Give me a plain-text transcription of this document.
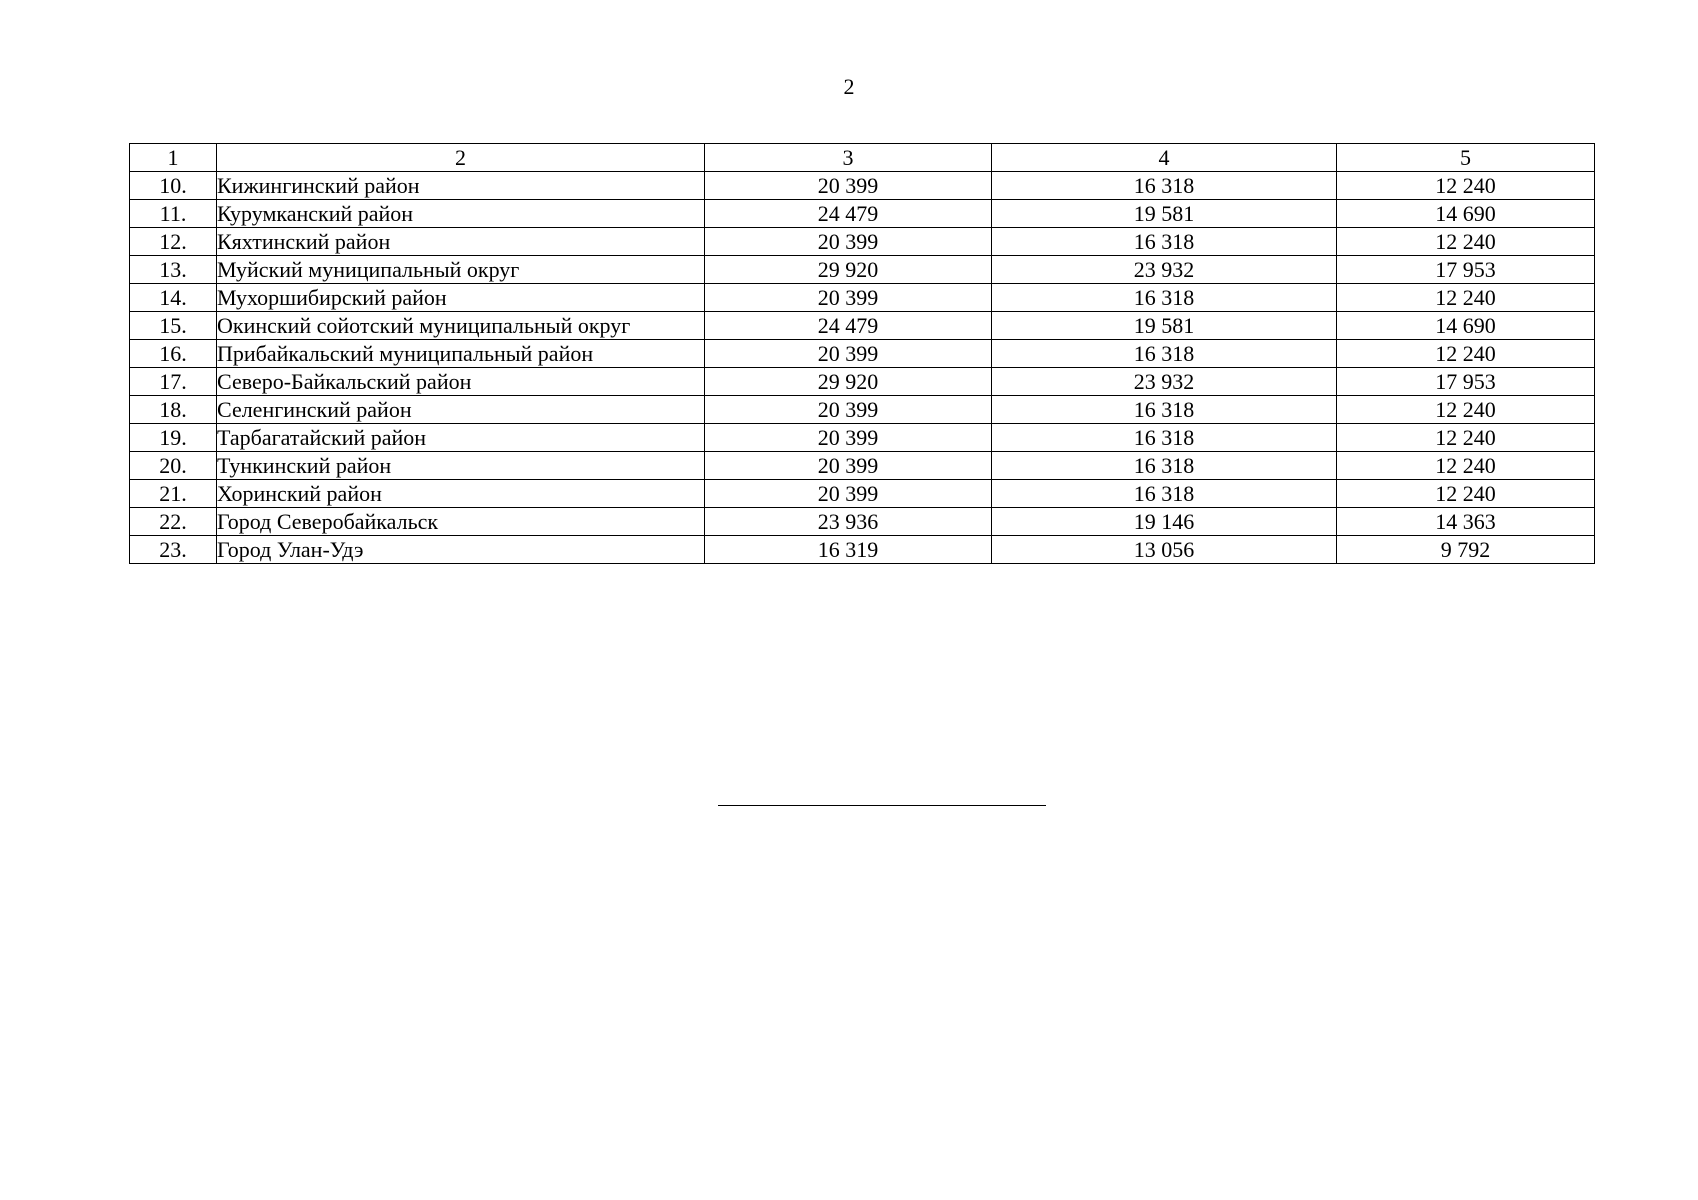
2
1	2	3	4	5
10.	Кижингинский район	20 399	16 318	12 240
11.	Курумканский район	24 479	19 581	14 690
12.	Кяхтинский район	20 399	16 318	12 240
13.	Муйский муниципальный округ	29 920	23 932	17 953
14.	Мухоршибирский район	20 399	16 318	12 240
15.	Окинский сойотский муниципальный округ	24 479	19 581	14 690
16.	Прибайкальский муниципальный район	20 399	16 318	12 240
17.	Северо-Байкальский район	29 920	23 932	17 953
18.	Селенгинский район	20 399	16 318	12 240
19.	Тарбагатайский район	20 399	16 318	12 240
20.	Тункинский район	20 399	16 318	12 240
21.	Хоринский район	20 399	16 318	12 240
22.	Город Северобайкальск	23 936	19 146	14 363
23.	Город Улан-Удэ	16 319	13 056	9 792
